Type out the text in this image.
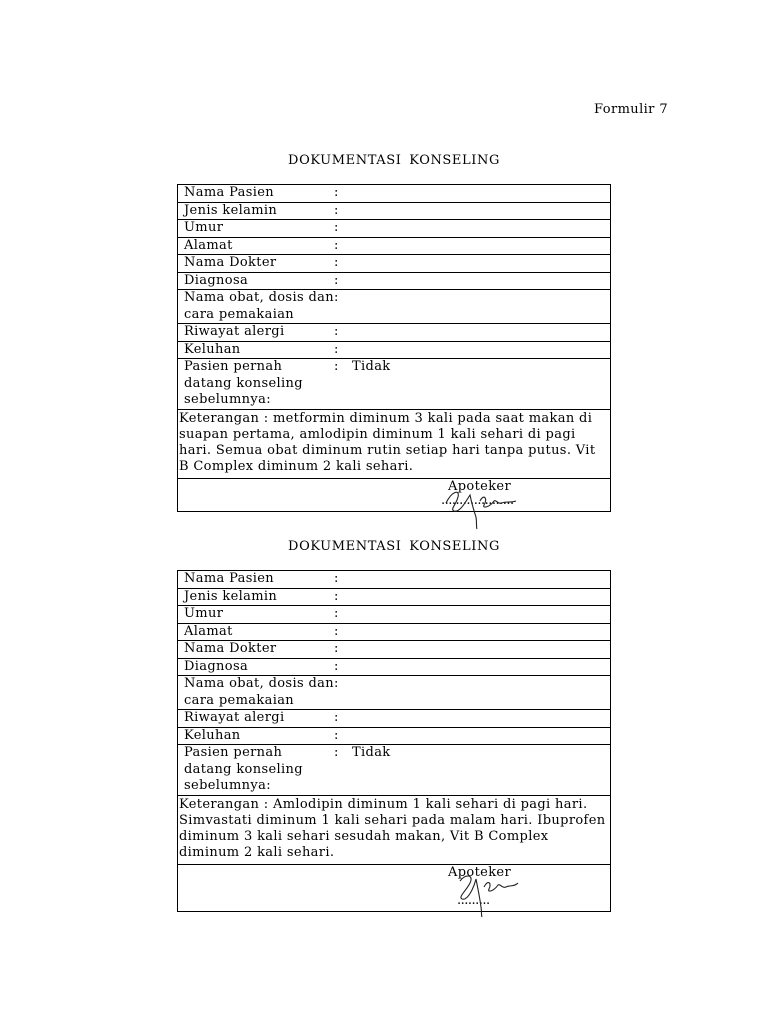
Formulir 7
DOKUMENTASI KONSELING
Nama Pasien	:	
Jenis kelamin	:	
Umur	:	
Alamat	:	
Nama Dokter	:	
Diagnosa	:	
Nama obat, dosis dan cara pemakaian	:	
Riwayat alergi	:	
Keluhan	:	
Pasien pernah datang konseling sebelumnya:	:	Tidak
Keterangan : metformin diminum 3 kali pada saat makan di suapan pertama, amlodipin diminum 1 kali sehari di pagi hari. Semua obat diminum rutin setiap hari tanpa putus. Vit B Complex diminum 2 kali sehari.		

Apoteker
....................		
DOKUMENTASI KONSELING
Nama Pasien	:	
Jenis kelamin	:	
Umur	:	
Alamat	:	
Nama Dokter	:	
Diagnosa	:	
Nama obat, dosis dan cara pemakaian	:	
Riwayat alergi	:	
Keluhan	:	
Pasien pernah datang konseling sebelumnya:	:	Tidak
Keterangan : Amlodipin diminum 1 kali sehari di pagi hari. Simvastati diminum 1 kali sehari pada malam hari. Ibuprofen diminum 3 kali sehari sesudah makan, Vit B Complex diminum 2 kali sehari.		

Apoteker
.........		
